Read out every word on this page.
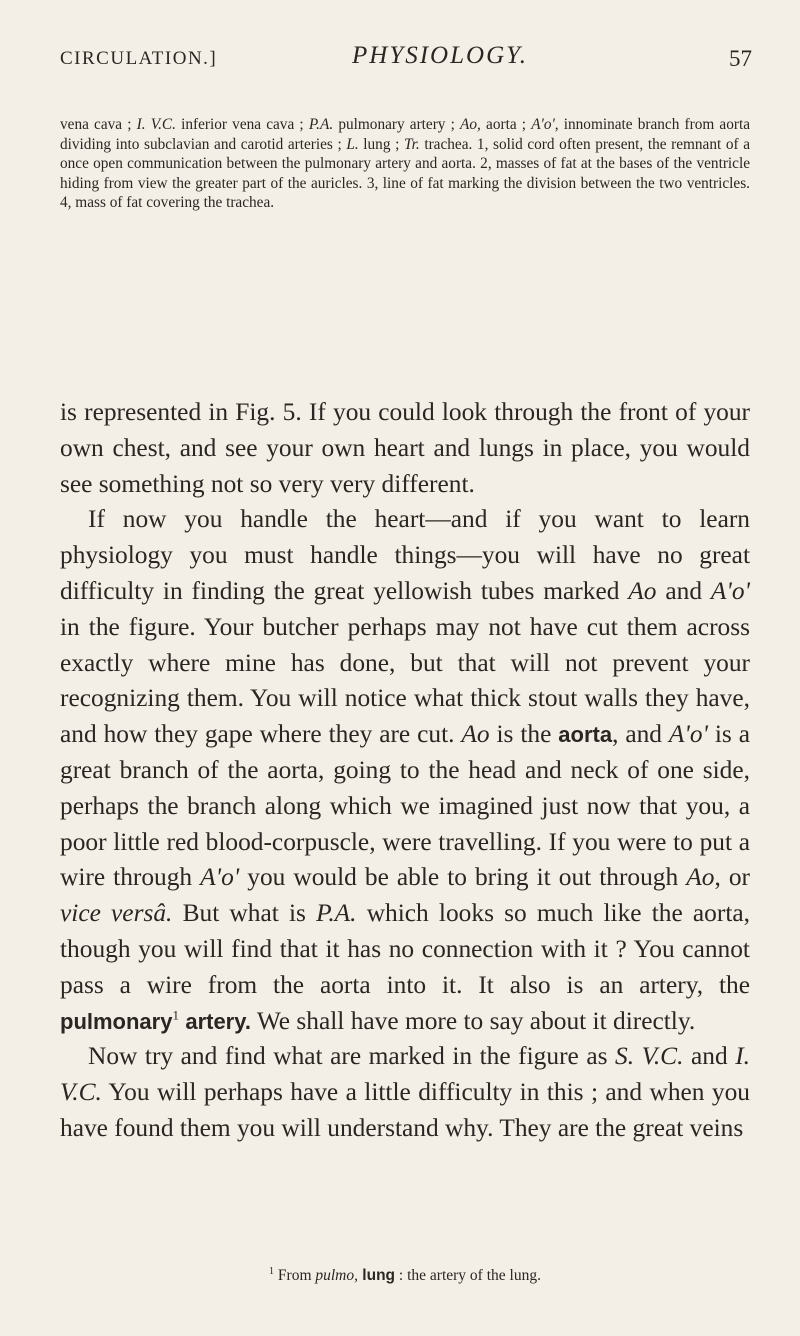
CIRCULATION.]	PHYSIOLOGY.	57
vena cava ; I. V.C. inferior vena cava ; P.A. pulmonary artery ; Ao, aorta ; A'o', innominate branch from aorta dividing into subclavian and carotid arteries ; L. lung ; Tr. trachea. 1, solid cord often present, the remnant of a once open communication between the pulmonary artery and aorta. 2, masses of fat at the bases of the ventricle hiding from view the greater part of the auricles. 3, line of fat marking the division between the two ventricles. 4, mass of fat covering the trachea.

is represented in Fig. 5. If you could look through the front of your own chest, and see your own heart and lungs in place, you would see something not so very very different.

If now you handle the heart—and if you want to learn physiology you must handle things—you will have no great difficulty in finding the great yellowish tubes marked Ao and A'o' in the figure. Your butcher perhaps may not have cut them across exactly where mine has done, but that will not prevent your recognizing them. You will notice what thick stout walls they have, and how they gape where they are cut. Ao is the aorta, and A'o' is a great branch of the aorta, going to the head and neck of one side, perhaps the branch along which we imagined just now that you, a poor little red blood-corpuscle, were travelling. If you were to put a wire through A'o' you would be able to bring it out through Ao, or vice versâ. But what is P.A. which looks so much like the aorta, though you will find that it has no connection with it ? You cannot pass a wire from the aorta into it. It also is an artery, the pulmonary$^1$ artery. We shall have more to say about it directly.

Now try and find what are marked in the figure as S. V.C. and I. V.C. You will perhaps have a little difficulty in this ; and when you have found them you will understand why. They are the great veins

$^1$ From pulmo, lung : the artery of the lung.
